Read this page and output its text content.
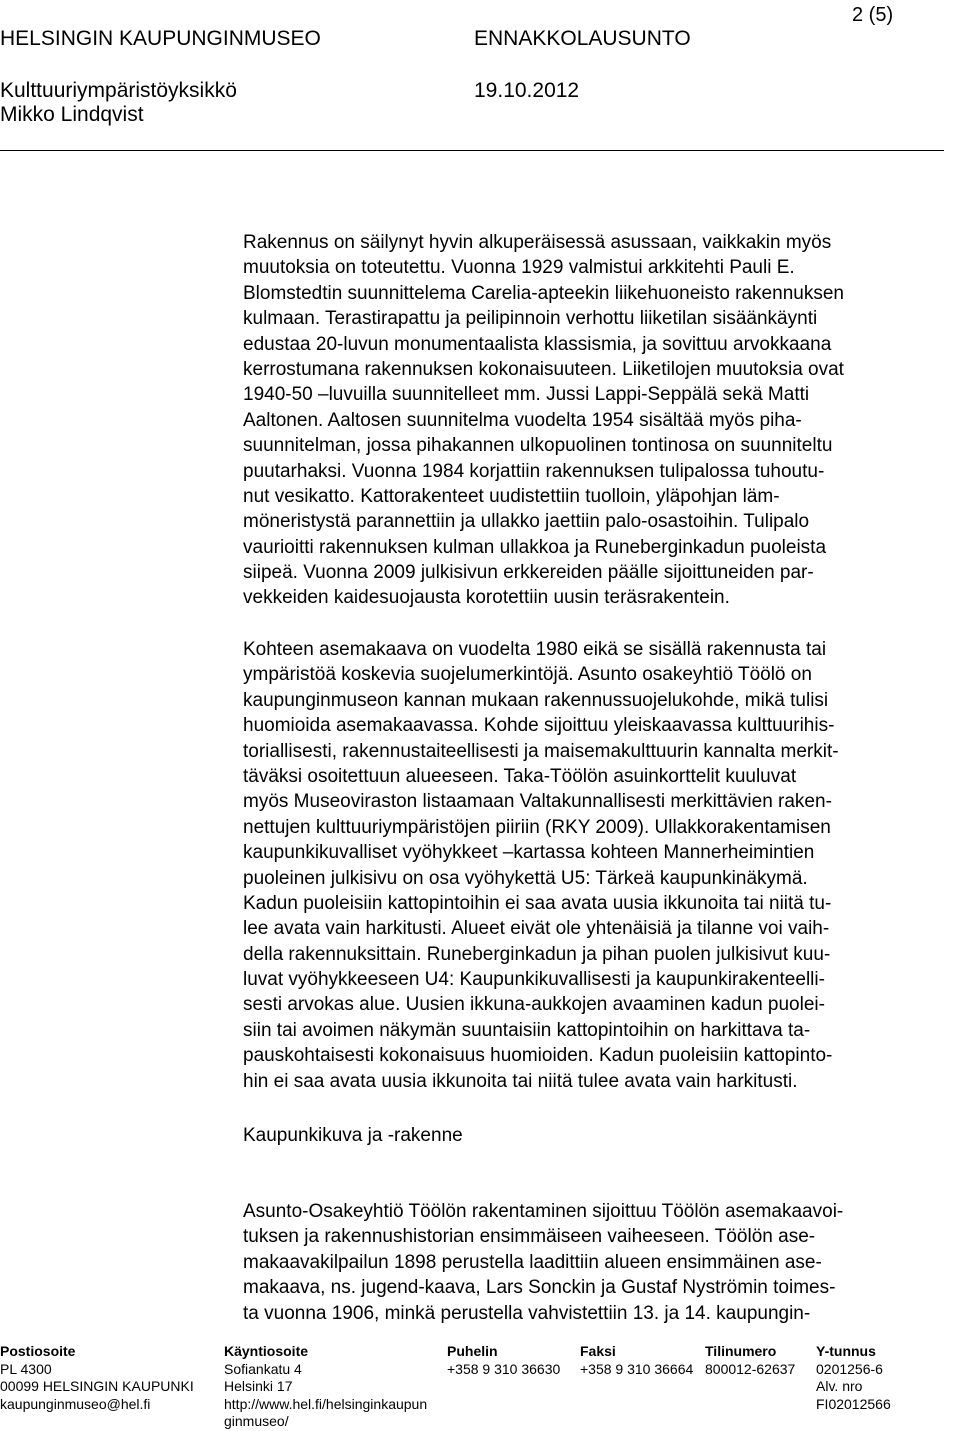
2 (5)
HELSINGIN KAUPUNGINMUSEO	ENNAKKOLAUSUNTO
Kulttuuriympäristöyksikkö	19.10.2012
Mikko Lindqvist
Rakennus on säilynyt hyvin alkuperäisessä asussaan, vaikkakin myös
muutoksia on toteutettu. Vuonna 1929 valmistui arkkitehti Pauli E.
Blomstedtin suunnittelema Carelia-apteekin liikehuoneisto rakennuksen
kulmaan. Terastirapattu ja peilipinnoin verhottu liiketilan sisäänkäynti
edustaa 20-luvun monumentaalista klassismia, ja sovittuu arvokkaana
kerrostumana rakennuksen kokonaisuuteen. Liiketilojen muutoksia ovat
1940-50 –luvuilla suunnitelleet mm. Jussi Lappi-Seppälä sekä Matti
Aaltonen. Aaltosen suunnitelma vuodelta 1954 sisältää myös piha-
suunnitelman, jossa pihakannen ulkopuolinen tontinosa on suunniteltu
puutarhaksi. Vuonna 1984 korjattiin rakennuksen tulipalossa tuhoutu-
nut vesikatto. Kattorakenteet uudistettiin tuolloin, yläpohjan läm-
möneristystä parannettiin ja ullakko jaettiin palo-osastoihin. Tulipalo
vaurioitti rakennuksen kulman ullakkoa ja Runeberginkadun puoleista
siipeä. Vuonna 2009 julkisivun erkkereiden päälle sijoittuneiden par-
vekkeiden kaidesuojausta korotettiin uusin teräsrakentein.
Kohteen asemakaava on vuodelta 1980 eikä se sisällä rakennusta tai
ympäristöä koskevia suojelumerkintöjä. Asunto osakeyhtiö Töölö on
kaupunginmuseon kannan mukaan rakennussuojelukohde, mikä tulisi
huomioida asemakaavassa. Kohde sijoittuu yleiskaavassa kulttuurihis-
toriallisesti, rakennustaiteellisesti ja maisemakulttuurin kannalta merkit-
täväksi osoitettuun alueeseen. Taka-Töölön asuinkorttelit kuuluvat
myös Museoviraston listaamaan Valtakunnallisesti merkittävien raken-
nettujen kulttuuriympäristöjen piiriin (RKY 2009). Ullakkorakentamisen
kaupunkikuvalliset vyöhykkeet –kartassa kohteen Mannerheimintien
puoleinen julkisivu on osa vyöhykettä U5: Tärkeä kaupunkinäkymä.
Kadun puoleisiin kattopintoihin ei saa avata uusia ikkunoita tai niitä tu-
lee avata vain harkitusti. Alueet eivät ole yhtenäisiä ja tilanne voi vaih-
della rakennuksittain. Runeberginkadun ja pihan puolen julkisivut kuu-
luvat vyöhykkeeseen U4: Kaupunkikuvallisesti ja kaupunkirakenteelli-
sesti arvokas alue. Uusien ikkuna-aukkojen avaaminen kadun puolei-
siin tai avoimen näkymän suuntaisiin kattopintoihin on harkittava ta-
pauskohtaisesti kokonaisuus huomioiden. Kadun puoleisiin kattopinto-
hin ei saa avata uusia ikkunoita tai niitä tulee avata vain harkitusti.
Kaupunkikuva ja -rakenne
Asunto-Osakeyhtiö Töölön rakentaminen sijoittuu Töölön asemakaavoi-
tuksen ja rakennushistorian ensimmäiseen vaiheeseen. Töölön ase-
makaavakilpailun 1898 perustella laadittiin alueen ensimmäinen ase-
makaava, ns. jugend-kaava, Lars Sonckin ja Gustaf Nyströmin toimes-
ta vuonna 1906, minkä perustella vahvistettiin 13. ja 14. kaupungin-
Postiosoite
PL 4300
00099 HELSINGIN KAUPUNKI
kaupunginmuseo@hel.fi
Käyntiosoite
Sofiankatu 4
Helsinki 17
http://www.hel.fi/helsinginkaupun
ginmuseo/
Puhelin
+358 9 310 36630
Faksi
+358 9 310 36664
Tilinumero
800012-62637
Y-tunnus
0201256-6
Alv. nro
FI02012566
